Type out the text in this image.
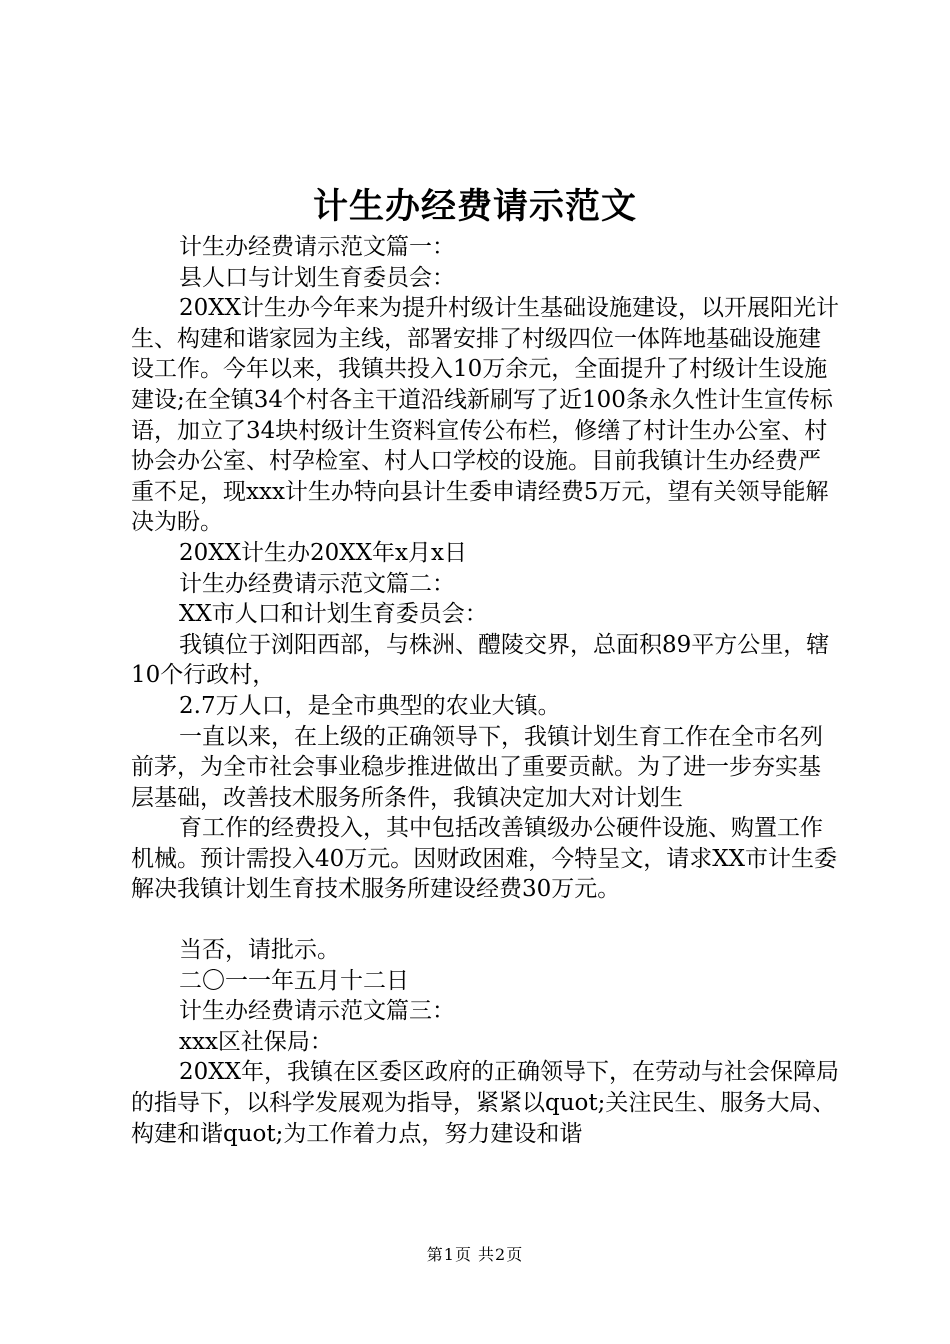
计生办经费请示范文

计生办经费请示范文篇一：

县人口与计划生育委员会：

20XX计生办今年来为提升村级计生基础设施建设，以开展阳光计生、构建和谐家园为主线，部署安排了村级四位一体阵地基础设施建设工作。今年以来，我镇共投入10万余元，全面提升了村级计生设施建设;在全镇34个村各主干道沿线新刷写了近100条永久性计生宣传标语，加立了34块村级计生资料宣传公布栏，修缮了村计生办公室、村协会办公室、村孕检室、村人口学校的设施。目前我镇计生办经费严重不足，现xxx计生办特向县计生委申请经费5万元，望有关领导能解决为盼。

20XX计生办20XX年x月x日

计生办经费请示范文篇二：

XX市人口和计划生育委员会：

我镇位于浏阳西部，与株洲、醴陵交界，总面积89平方公里，辖10个行政村，

2.7万人口，是全市典型的农业大镇。

一直以来，在上级的正确领导下，我镇计划生育工作在全市名列前茅，为全市社会事业稳步推进做出了重要贡献。为了进一步夯实基层基础，改善技术服务所条件，我镇决定加大对计划生

育工作的经费投入，其中包括改善镇级办公硬件设施、购置工作机械。预计需投入40万元。因财政困难，今特呈文，请求XX市计生委解决我镇计划生育技术服务所建设经费30万元。

当否，请批示。

二〇一一年五月十二日

计生办经费请示范文篇三：

xxx区社保局：

20XX年，我镇在区委区政府的正确领导下，在劳动与社会保障局的指导下，以科学发展观为指导，紧紧以quot;关注民生、服务大局、构建和谐quot;为工作着力点，努力建设和谐

第1页 共2页
